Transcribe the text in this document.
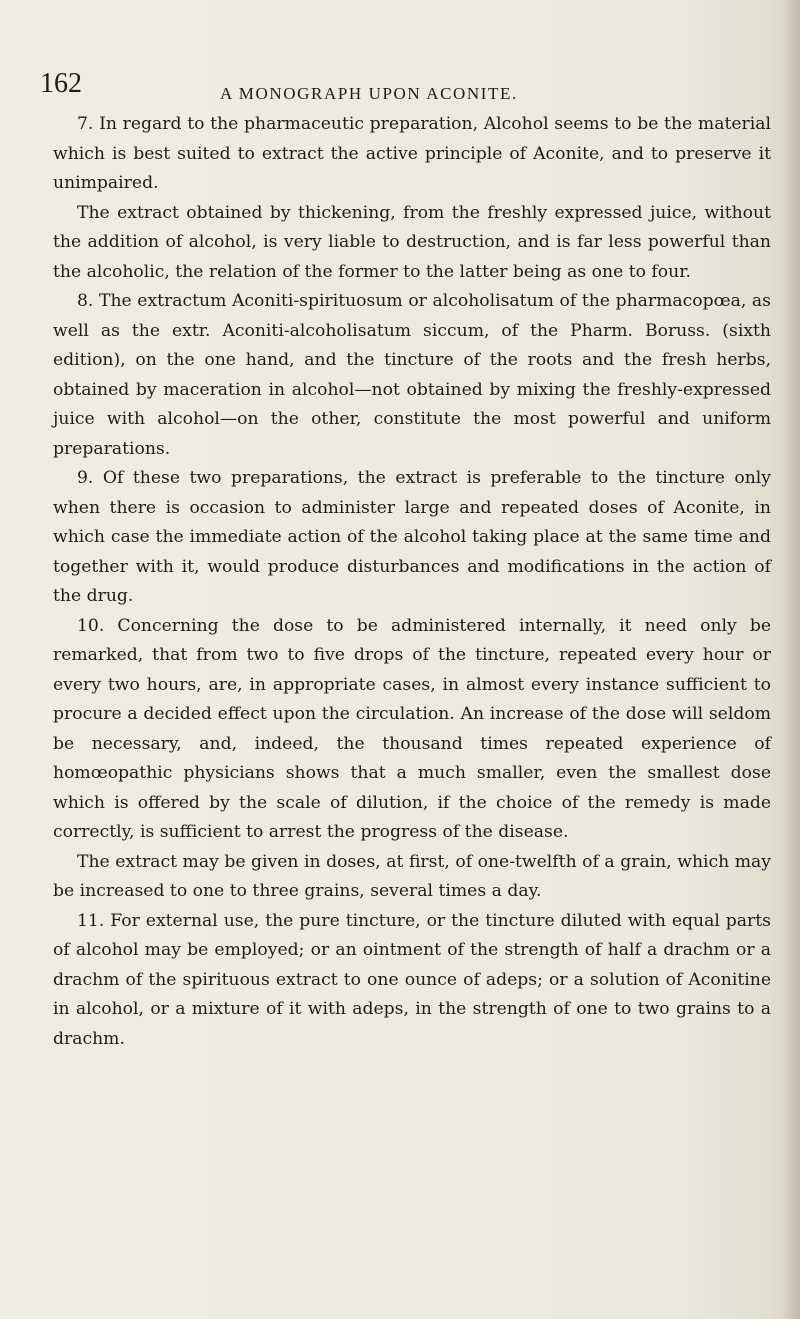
162	A MONOGRAPH UPON ACONITE.

7. In regard to the pharmaceutic preparation, Alcohol seems to be the material which is best suited to extract the active principle of Aconite, and to preserve it unimpaired.

The extract obtained by thickening, from the freshly expressed juice, without the addition of alcohol, is very liable to destruction, and is far less powerful than the alcoholic, the relation of the former to the latter being as one to four.

8. The extractum Aconiti-spirituosum or alcoholisatum of the pharmacopœa, as well as the extr. Aconiti-alcoholisatum siccum, of the Pharm. Boruss. (sixth edition), on the one hand, and the tincture of the roots and the fresh herbs, obtained by maceration in alcohol—not obtained by mixing the freshly-expressed juice with alcohol—on the other, constitute the most powerful and uniform preparations.

9. Of these two preparations, the extract is preferable to the tincture only when there is occasion to administer large and repeated doses of Aconite, in which case the immediate action of the alcohol taking place at the same time and together with it, would produce disturbances and modifications in the action of the drug.

10. Concerning the dose to be administered internally, it need only be remarked, that from two to five drops of the tincture, repeated every hour or every two hours, are, in appropriate cases, in almost every instance sufficient to procure a decided effect upon the circulation. An increase of the dose will seldom be necessary, and, indeed, the thousand times repeated experience of homœopathic physicians shows that a much smaller, even the smallest dose which is offered by the scale of dilution, if the choice of the remedy is made correctly, is sufficient to arrest the progress of the disease.

The extract may be given in doses, at first, of one-twelfth of a grain, which may be increased to one to three grains, several times a day.

11. For external use, the pure tincture, or the tincture diluted with equal parts of alcohol may be employed; or an ointment of the strength of half a drachm or a drachm of the spirituous extract to one ounce of adeps; or a solution of Aconitine in alcohol, or a mixture of it with adeps, in the strength of one to two grains to a drachm.
